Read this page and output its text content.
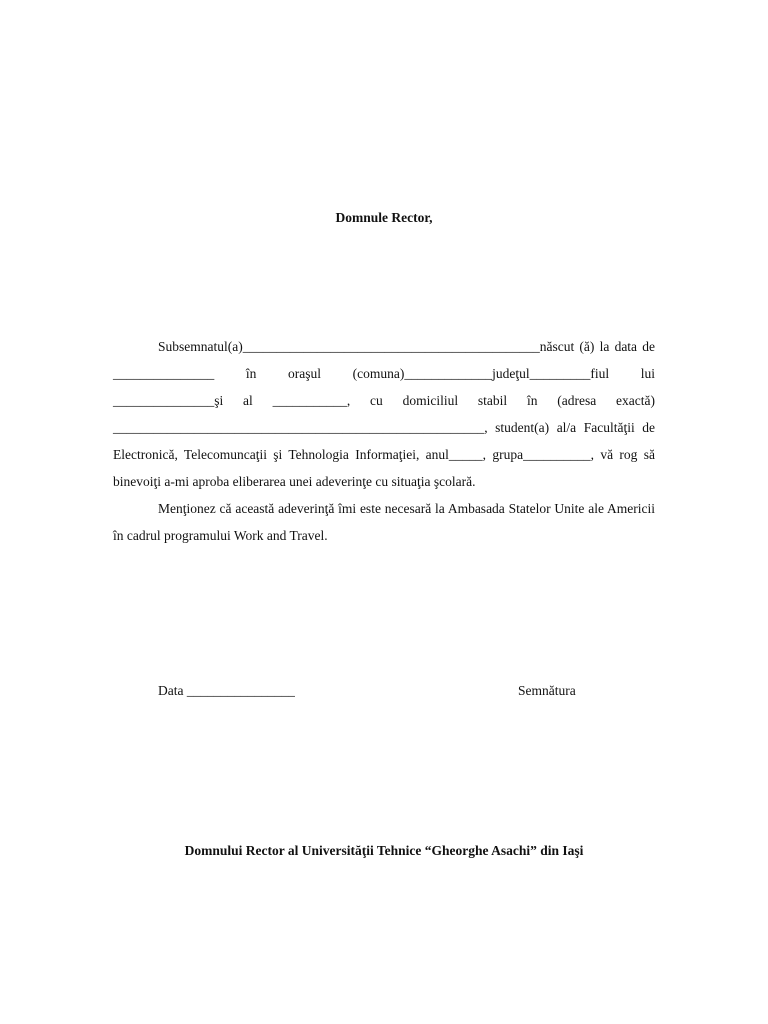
Domnule Rector,

Subsemnatul(a)____________________________________________născut (ă) la data de _______________ în oraşul (comuna)_____________judeţul_________fiul lui _______________şi al ___________, cu domiciliul stabil în (adresa exactă) _______________________________________________________, student(a) al/a Facultăţii de Electronică, Telecomuncaţii şi Tehnologia Informaţiei, anul_____, grupa__________, vă rog să binevoiţi a-mi aproba eliberarea unei adeverinţe cu situaţia şcolară.

Menţionez că această adeverinţă îmi este necesară la Ambasada Statelor Unite ale Americii în cadrul programului Work and Travel.

Data ________________	Semnătura
Domnului Rector al Universităţii Tehnice “Gheorghe Asachi” din Iaşi
